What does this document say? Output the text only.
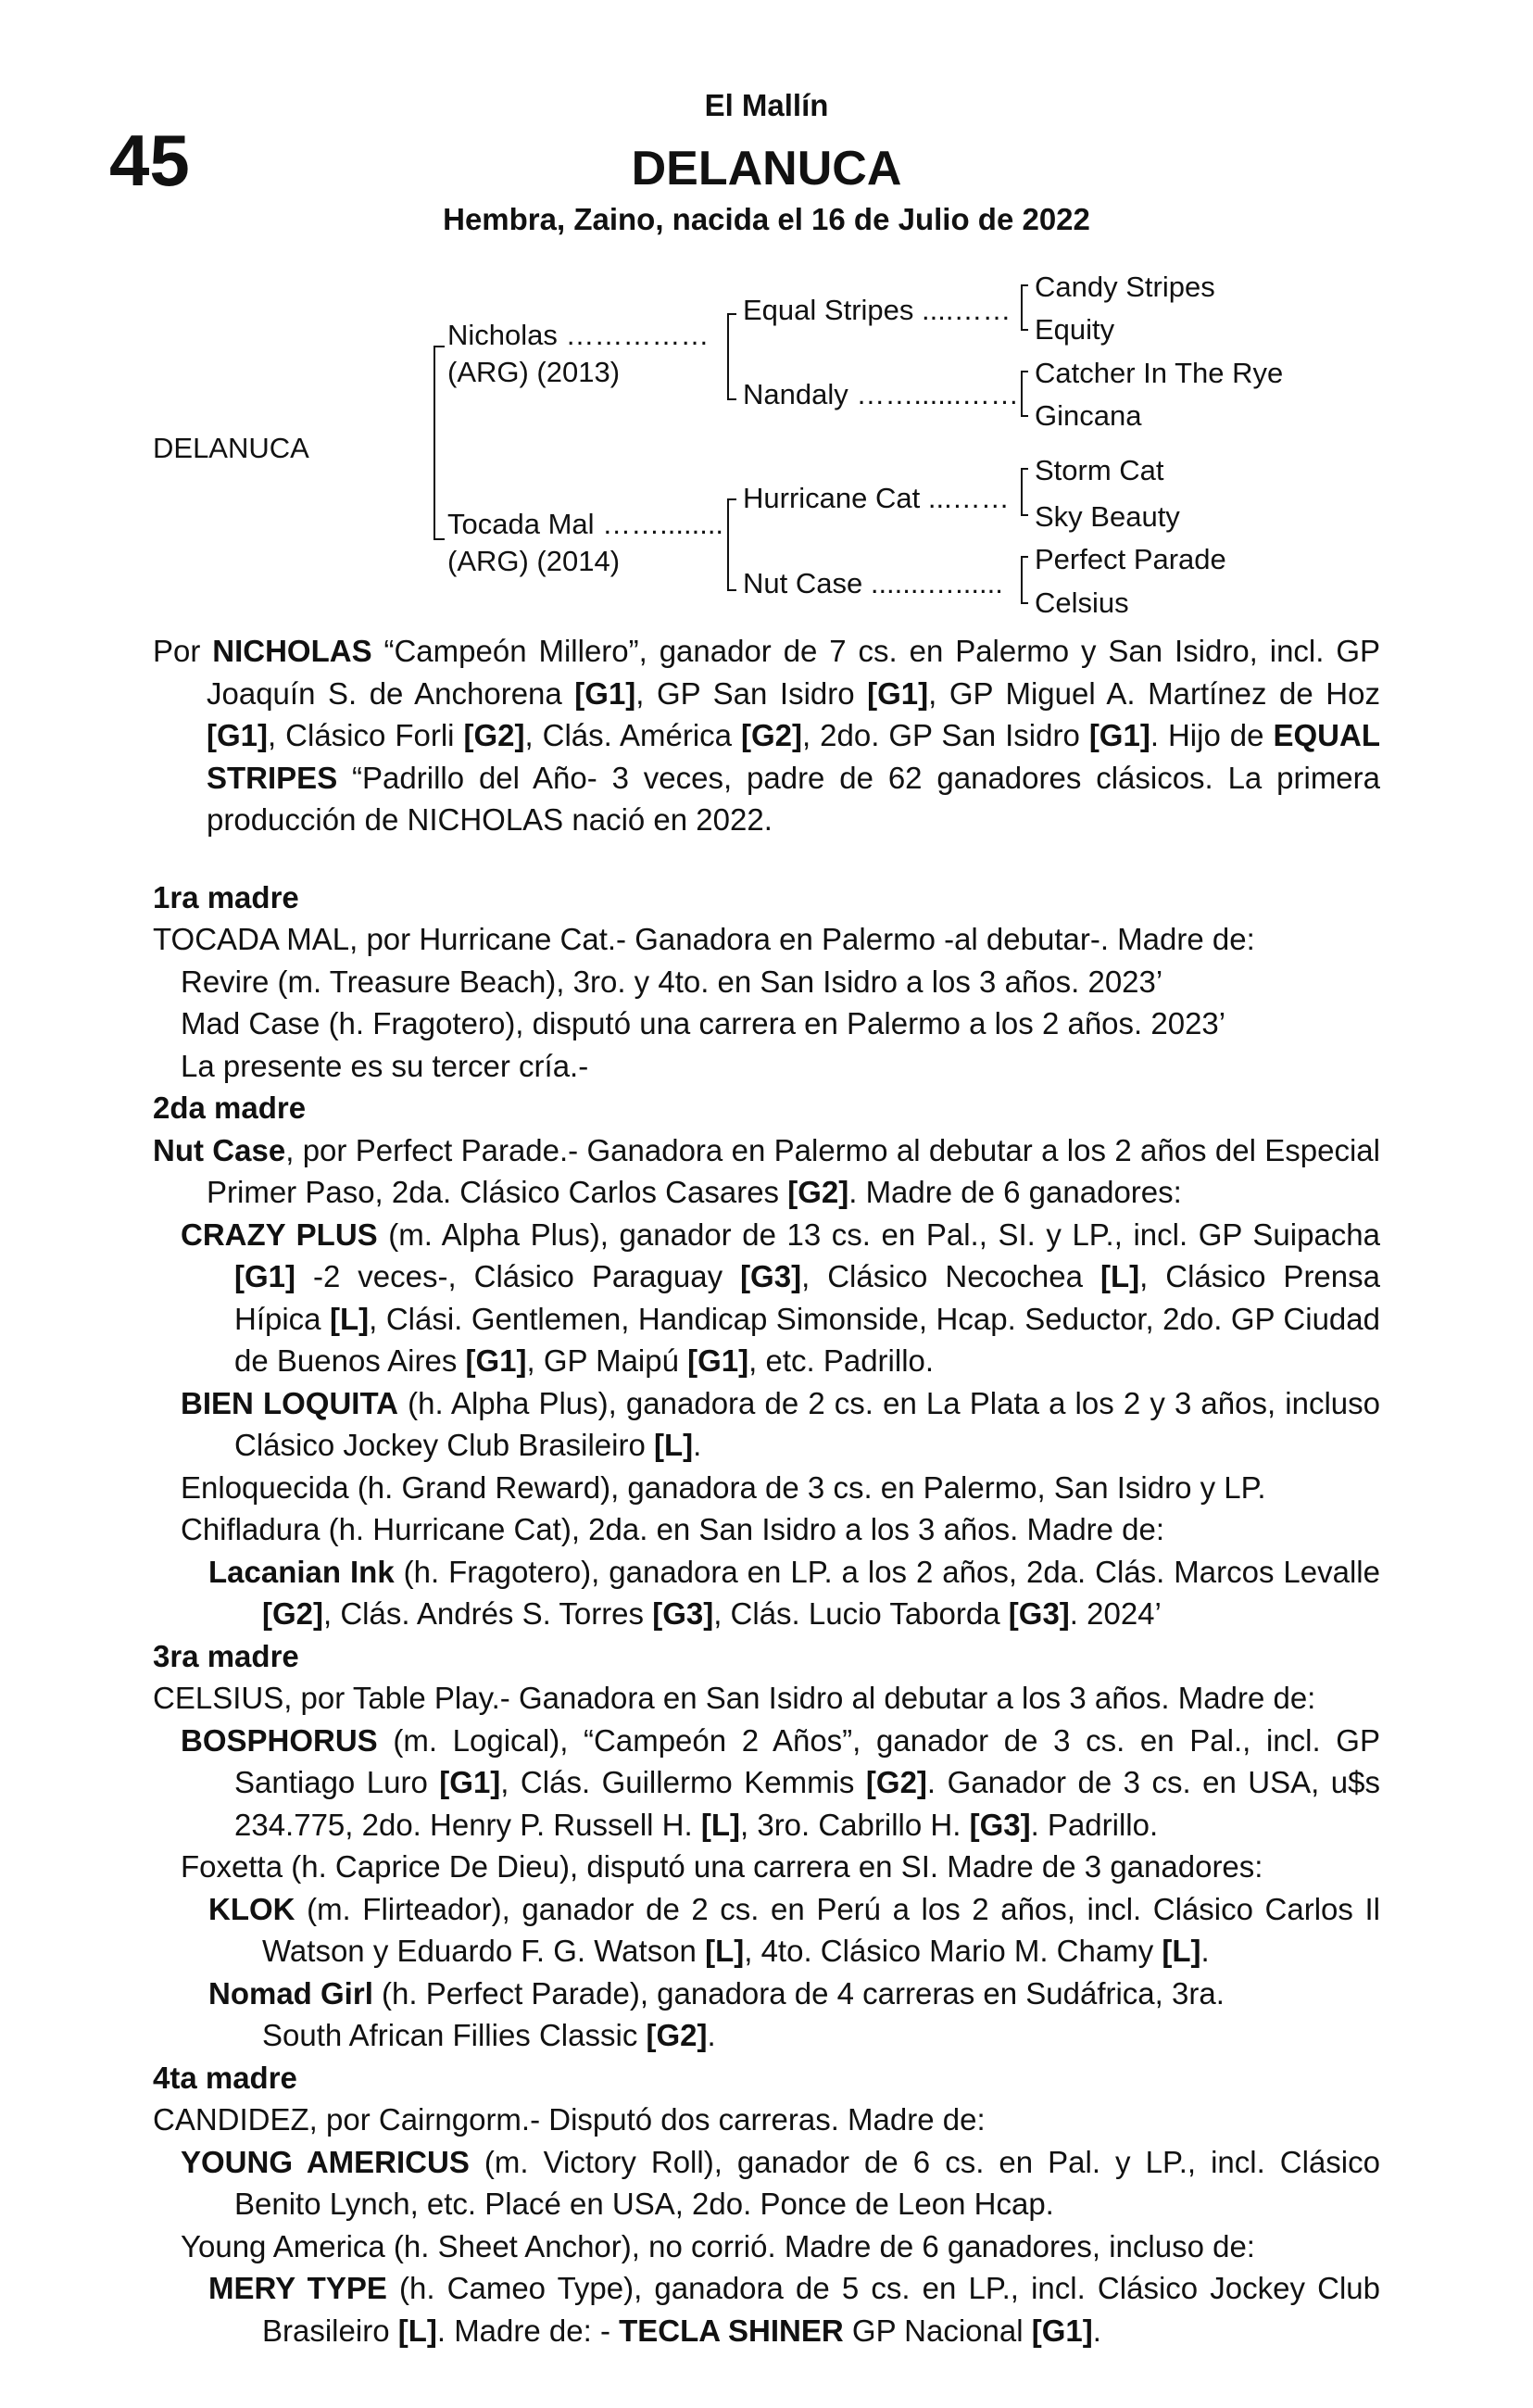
45
El Mallín
DELANUCA
Hembra, Zaino, nacida el 16 de Julio de 2022
DELANUCA
Nicholas ……………
(ARG) (2013)
Tocada Mal ……........
(ARG) (2014)
Equal Stripes ....……
Nandaly ……......……
Hurricane Cat ...……
Nut Case .......…......
Candy Stripes
Equity
Catcher In The Rye
Gincana
Storm Cat
Sky Beauty
Perfect Parade
Celsius

Por NICHOLAS “Campeón Millero”, ganador de 7 cs. en Palermo y San Isidro, incl. GP Joaquín S. de Anchorena [G1], GP San Isidro [G1], GP Miguel A. Martínez de Hoz [G1], Clásico Forli [G2], Clás. América [G2], 2do. GP San Isidro [G1]. Hijo de EQUAL STRIPES “Padrillo del Año- 3 veces, padre de 62 ganadores clásicos. La primera producción de NICHOLAS nació en 2022.

1ra madre

TOCADA MAL, por Hurricane Cat.- Ganadora en Palermo -al debutar-. Madre de:

Revire (m. Treasure Beach), 3ro. y 4to. en San Isidro a los 3 años. 2023’

Mad Case (h. Fragotero), disputó una carrera en Palermo a los 2 años. 2023’

La presente es su tercer cría.-

2da madre

Nut Case, por Perfect Parade.- Ganadora en Palermo al debutar a los 2 años del Especial Primer Paso, 2da. Clásico Carlos Casares [G2]. Madre de 6 ganadores:

CRAZY PLUS (m. Alpha Plus), ganador de 13 cs. en Pal., SI. y LP., incl. GP Suipacha [G1] -2 veces-, Clásico Paraguay [G3], Clásico Necochea [L], Clásico Prensa Hípica [L], Clási. Gentlemen, Handicap Simonside, Hcap. Seductor, 2do. GP Ciudad de Buenos Aires [G1], GP Maipú [G1], etc. Padrillo.

BIEN LOQUITA (h. Alpha Plus), ganadora de 2 cs. en La Plata a los 2 y 3 años, incluso Clásico Jockey Club Brasileiro [L].

Enloquecida (h. Grand Reward), ganadora de 3 cs. en Palermo, San Isidro y LP.

Chifladura (h. Hurricane Cat), 2da. en San Isidro a los 3 años. Madre de:

Lacanian Ink (h. Fragotero), ganadora en LP. a los 2 años, 2da. Clás. Marcos Levalle [G2], Clás. Andrés S. Torres [G3], Clás. Lucio Taborda [G3]. 2024’

3ra madre

CELSIUS, por Table Play.- Ganadora en San Isidro al debutar a los 3 años. Madre de:

BOSPHORUS (m. Logical), “Campeón 2 Años”, ganador de 3 cs. en Pal., incl. GP Santiago Luro [G1], Clás. Guillermo Kemmis [G2]. Ganador de 3 cs. en USA, u$s 234.775, 2do. Henry P. Russell H. [L], 3ro. Cabrillo H. [G3]. Padrillo.

Foxetta (h. Caprice De Dieu), disputó una carrera en SI. Madre de 3 ganadores:

KLOK (m. Flirteador), ganador de 2 cs. en Perú a los 2 años, incl. Clásico Carlos Il Watson y Eduardo F. G. Watson [L], 4to. Clásico Mario M. Chamy [L].

Nomad Girl (h. Perfect Parade), ganadora de 4 carreras en Sudáfrica, 3ra. South African Fillies Classic [G2].

4ta madre

CANDIDEZ, por Cairngorm.- Disputó dos carreras. Madre de:

YOUNG AMERICUS (m. Victory Roll), ganador de 6 cs. en Pal. y LP., incl. Clásico Benito Lynch, etc. Placé en USA, 2do. Ponce de Leon Hcap.

Young America (h. Sheet Anchor), no corrió. Madre de 6 ganadores, incluso de:

MERY TYPE (h. Cameo Type), ganadora de 5 cs. en LP., incl. Clásico Jockey Club Brasileiro [L]. Madre de: - TECLA SHINER GP Nacional [G1].
